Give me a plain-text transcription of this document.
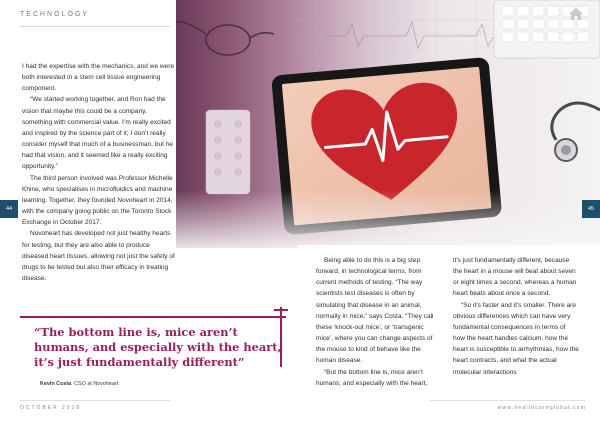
TECHNOLOGY

I had the expertise with the mechanics, and we were both interested in a stem cell tissue engineering component.

“We started working together, and Ron had the vision that maybe this could be a company, something with commercial value. I’m really excited and inspired by the science part of it; I don’t really consider myself that much of a businessman, but he had that vision, and it seemed like a really exciting opportunity.”

The third person involved was Professor Michelle Khine, who specialises in microfluidics and machine learning. Together, they founded Novoheart in 2014, with the company going public on the Toronto Stock Exchange in October 2017.

Novoheart has developed not just healthy hearts for testing, but they are also able to produce diseased heart tissues, allowing not just the safety of drugs to be tested but also their efficacy in treating disease.

“The bottom line is, mice aren’t humans, and especially with the heart, it’s just fundamentally different”

Kevin Costa, CSO at Novoheart

Being able to do this is a big step forward, in technological terms, from current methods of testing. “The way scientists test diseases is often by simulating that disease in an animal, normally in mice,” says Costa. “They call these ‘knock-out mice’, or ‘transgenic mice’, where you can change aspects of the mouse to kind of behave like the human disease.

“But the bottom line is, mice aren’t humans, and especially with the heart,

it’s just fundamentally different, because the heart in a mouse will beat about seven or eight times a second, whereas a human heart beats about once a second.

“So it’s faster and it’s smaller. There are obvious differences which can have very fundamental consequences in terms of how the heart handles calcium, how the heart is susceptible to arrhythmias, how the heart contracts, and what the actual molecular interactions

44	45
OCTOBER 2018	www.healthcareglobal.com
